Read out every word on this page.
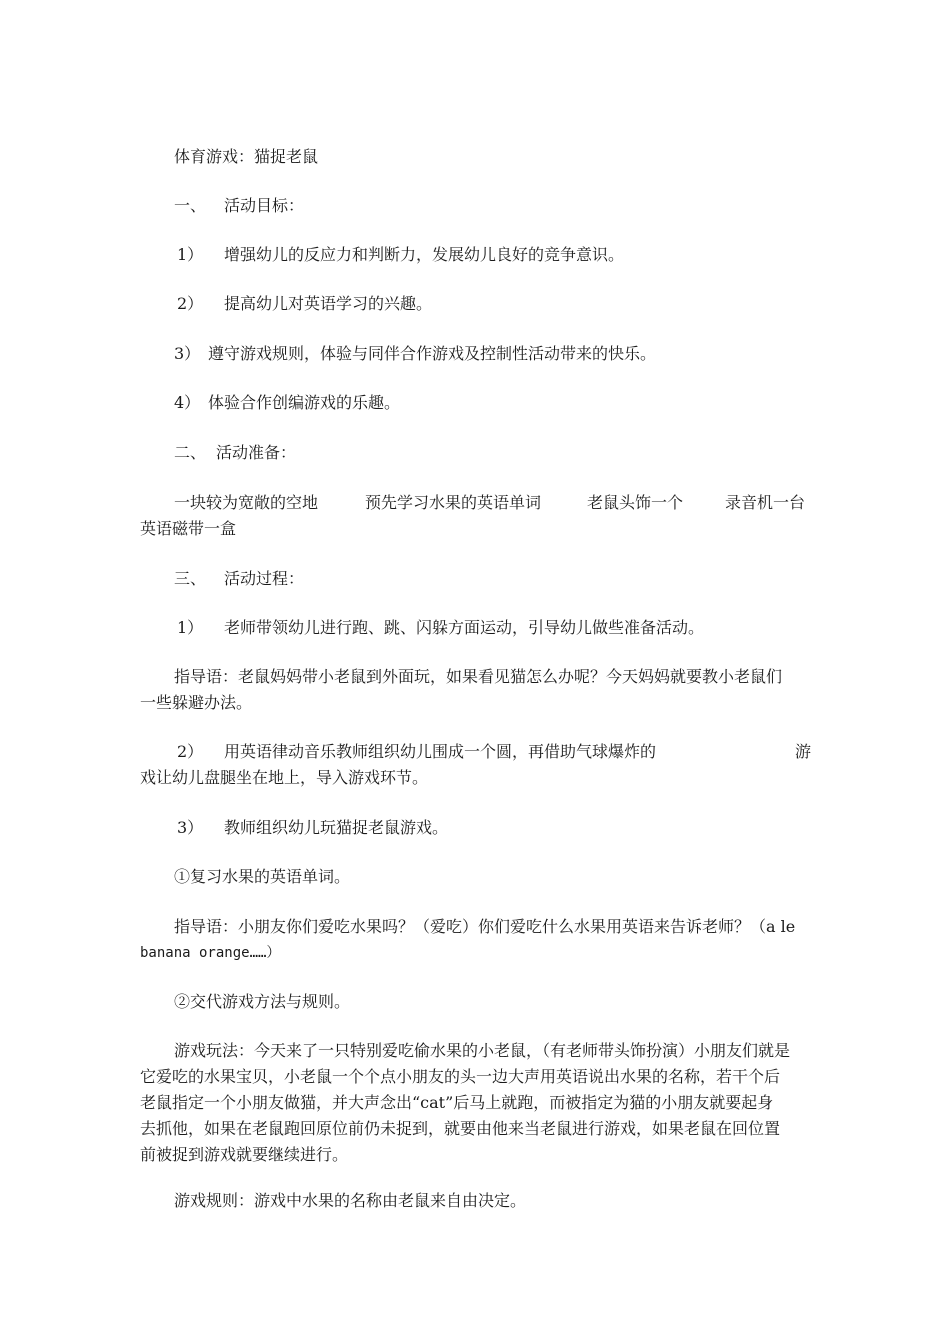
体育游戏：猫捉老鼠
一、 活动目标：
1） 增强幼儿的反应力和判断力，发展幼儿良好的竞争意识。
2） 提高幼儿对英语学习的兴趣。
3） 遵守游戏规则，体验与同伴合作游戏及控制性活动带来的快乐。
4） 体验合作创编游戏的乐趣。
二、 活动准备：
一块较为宽敞的空地	预先学习水果的英语单词	老鼠头饰一个	录音机一台
英语磁带一盒
三、 活动过程：
1） 老师带领幼儿进行跑、跳、闪躲方面运动，引导幼儿做些准备活动。
指导语：老鼠妈妈带小老鼠到外面玩，如果看见猫怎么办呢？今天妈妈就要教小老鼠们
一些躲避办法。
2） 用英语律动音乐教师组织幼儿围成一个圆，再借助气球爆炸的	游
戏让幼儿盘腿坐在地上，导入游戏环节。
3） 教师组织幼儿玩猫捉老鼠游戏。
①复习水果的英语单词。
指导语：小朋友你们爱吃水果吗？（爱吃）你们爱吃什么水果用英语来告诉老师？（a le
banana orange……）
②交代游戏方法与规则。
游戏玩法：今天来了一只特别爱吃偷水果的小老鼠，（有老师带头饰扮演）小朋友们就是
它爱吃的水果宝贝，小老鼠一个个点小朋友的头一边大声用英语说出水果的名称，若干个后
老鼠指定一个小朋友做猫，并大声念出“cat”后马上就跑，而被指定为猫的小朋友就要起身
去抓他，如果在老鼠跑回原位前仍未捉到，就要由他来当老鼠进行游戏，如果老鼠在回位置
前被捉到游戏就要继续进行。
游戏规则：游戏中水果的名称由老鼠来自由决定。
